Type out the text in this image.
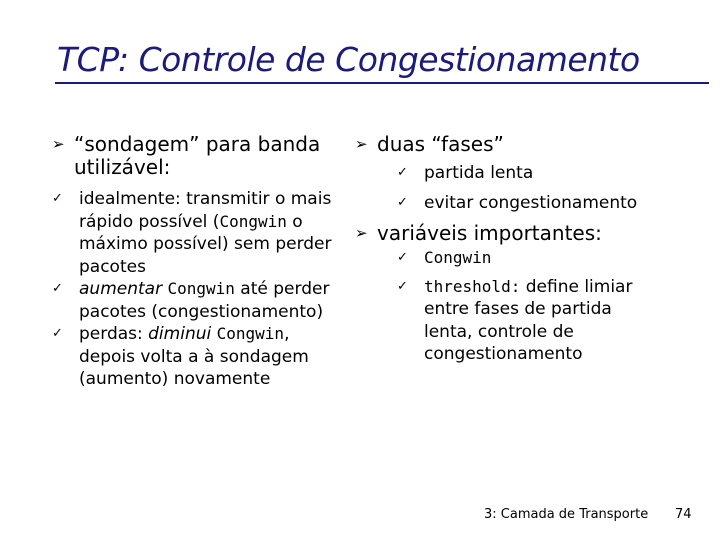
TCP: Controle de Congestionamento
➢ “sondagem” para banda utilizável:
✓ idealmente: transmitir o mais rápido possível (Congwin o máximo possível) sem perder pacotes
✓ aumentar Congwin até perder pacotes (congestionamento)
✓ perdas: diminui Congwin, depois volta a à sondagem (aumento) novamente
➢ duas “fases”
✓ partida lenta
✓ evitar congestionamento
➢ variáveis importantes:
✓ Congwin
✓ threshold: define limiar entre fases de partida lenta, controle de congestionamento
3: Camada de Transporte 74
